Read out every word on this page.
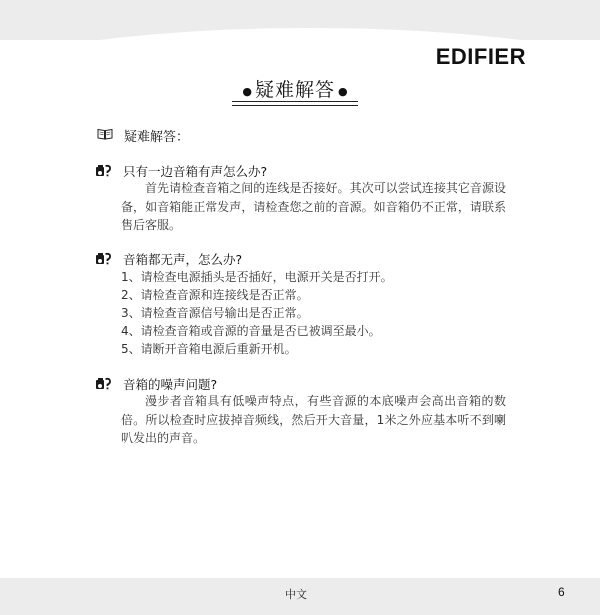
EDIFIER
● 疑难解答 ●
疑难解答：
只有一边音箱有声怎么办?
首先请检查音箱之间的连线是否接好。其次可以尝试连接其它音源设备，如音箱能正常发声，请检查您之前的音源。如音箱仍不正常，请联系售后客服。
音箱都无声，怎么办?
1、请检查电源插头是否插好，电源开关是否打开。
2、请检查音源和连接线是否正常。
3、请检查音源信号输出是否正常。
4、请检查音箱或音源的音量是否已被调至最小。
5、请断开音箱电源后重新开机。
音箱的噪声问题?
漫步者音箱具有低噪声特点，有些音源的本底噪声会高出音箱的数倍。所以检查时应拔掉音频线，然后开大音量，1米之外应基本听不到喇叭发出的声音。
中文	6
